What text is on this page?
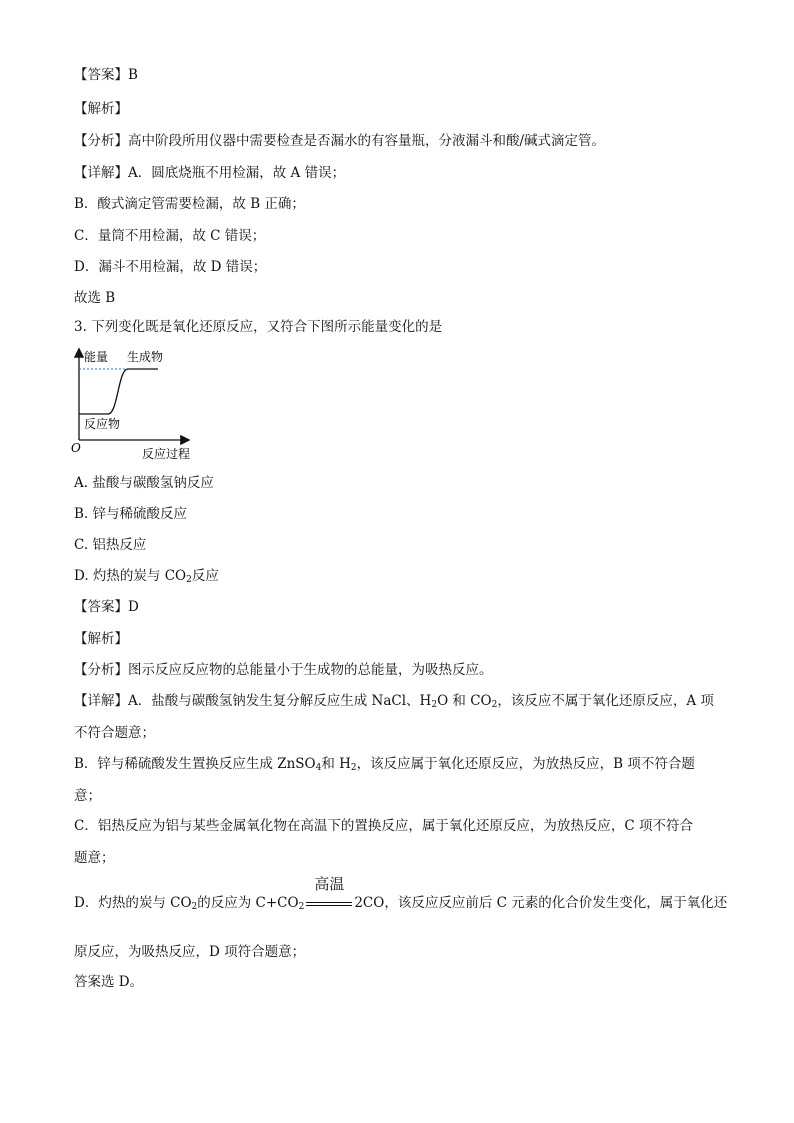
【答案】B
【解析】
【分析】高中阶段所用仪器中需要检查是否漏水的有容量瓶，分液漏斗和酸/碱式滴定管。
【详解】A．圆底烧瓶不用检漏，故 A 错误；
B．酸式滴定管需要检漏，故 B 正确；
C．量筒不用检漏，故 C 错误；
D．漏斗不用检漏，故 D 错误；
故选 B
3. 下列变化既是氧化还原反应，又符合下图所示能量变化的是
能量 生成物
反应物
O	反应过程
A. 盐酸与碳酸氢钠反应
B. 锌与稀硫酸反应
C. 铝热反应
D. 灼热的炭与 $CO_2$反应
【答案】D
【解析】
【分析】图示反应反应物的总能量小于生成物的总能量，为吸热反应。
【详解】A．盐酸与碳酸氢钠发生复分解反应生成 NaCl、$H_2O$ 和 $CO_2$，该反应不属于氧化还原反应，A 项
不符合题意；
B．锌与稀硫酸发生置换反应生成 ZnSO$_4$和 $H_2$，该反应属于氧化还原反应，为放热反应，B 项不符合题
意；
C．铝热反应为铝与某些金属氧化物在高温下的置换反应，属于氧化还原反应，为放热反应，C 项不符合
题意；
D．灼热的炭与 $CO_2$的反应为 $C+CO_2$
高温
2CO，该反应反应前后 C 元素的化合价发生变化，属于氧化还
原反应，为吸热反应，D 项符合题意；
答案选 D。
